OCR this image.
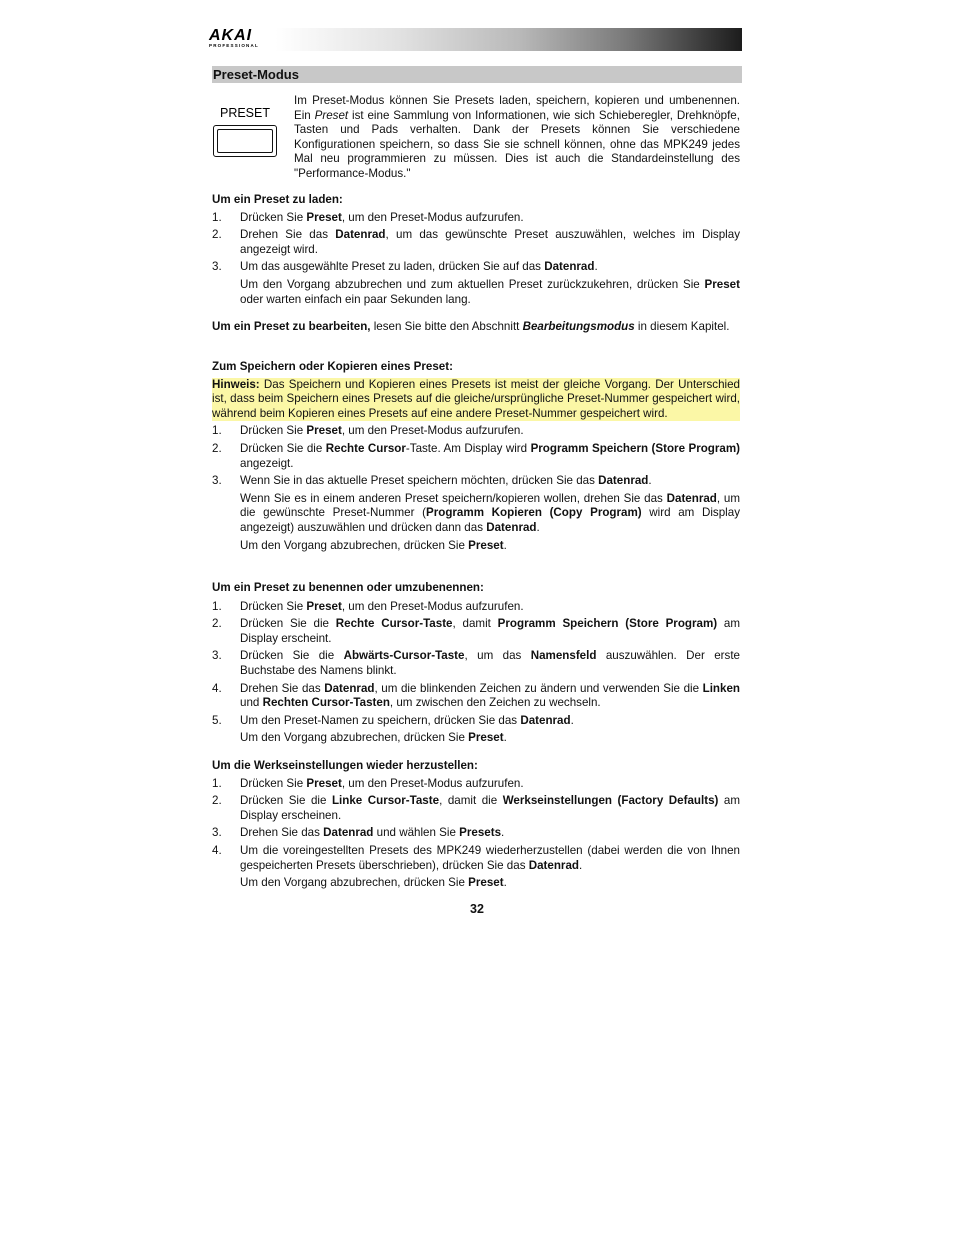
AKAI
PROFESSIONAL
Preset-Modus
PRESET

Im Preset-Modus können Sie Presets laden, speichern, kopieren und umbenennen. Ein Preset ist eine Sammlung von Informationen, wie sich Schieberegler, Drehknöpfe, Tasten und Pads verhalten. Dank der Presets können Sie verschiedene Konfigurationen speichern, so dass Sie sie schnell können, ohne das MPK249 jedes Mal neu programmieren zu müssen. Dies ist auch die Standardeinstellung des "Performance-Modus."

Um ein Preset zu laden:

1. Drücken Sie Preset, um den Preset-Modus aufzurufen.
2. Drehen Sie das Datenrad, um das gewünschte Preset auszuwählen, welches im Display angezeigt wird.
3. Um das ausgewählte Preset zu laden, drücken Sie auf das Datenrad.

Um den Vorgang abzubrechen und zum aktuellen Preset zurückzukehren, drücken Sie Preset oder warten einfach ein paar Sekunden lang.

Um ein Preset zu bearbeiten, lesen Sie bitte den Abschnitt Bearbeitungsmodus in diesem Kapitel.

Zum Speichern oder Kopieren eines Preset:

Hinweis: Das Speichern und Kopieren eines Presets ist meist der gleiche Vorgang. Der Unterschied ist, dass beim Speichern eines Presets auf die gleiche/ursprüngliche Preset-Nummer gespeichert wird, während beim Kopieren eines Presets auf eine andere Preset-Nummer gespeichert wird.

1. Drücken Sie Preset, um den Preset-Modus aufzurufen.
2. Drücken Sie die Rechte Cursor-Taste. Am Display wird Programm Speichern (Store Program) angezeigt.
3. Wenn Sie in das aktuelle Preset speichern möchten, drücken Sie das Datenrad.

Wenn Sie es in einem anderen Preset speichern/kopieren wollen, drehen Sie das Datenrad, um die gewünschte Preset-Nummer (Programm Kopieren (Copy Program) wird am Display angezeigt) auszuwählen und drücken dann das Datenrad.

Um den Vorgang abzubrechen, drücken Sie Preset.

Um ein Preset zu benennen oder umzubenennen:

1. Drücken Sie Preset, um den Preset-Modus aufzurufen.
2. Drücken Sie die Rechte Cursor-Taste, damit Programm Speichern (Store Program) am Display erscheint.
3. Drücken Sie die Abwärts-Cursor-Taste, um das Namensfeld auszuwählen. Der erste Buchstabe des Namens blinkt.
4. Drehen Sie das Datenrad, um die blinkenden Zeichen zu ändern und verwenden Sie die Linken und Rechten Cursor-Tasten, um zwischen den Zeichen zu wechseln.
5. Um den Preset-Namen zu speichern, drücken Sie das Datenrad.

Um den Vorgang abzubrechen, drücken Sie Preset.

Um die Werkseinstellungen wieder herzustellen:

1. Drücken Sie Preset, um den Preset-Modus aufzurufen.
2. Drücken Sie die Linke Cursor-Taste, damit die Werkseinstellungen (Factory Defaults) am Display erscheinen.
3. Drehen Sie das Datenrad und wählen Sie Presets.
4. Um die voreingestellten Presets des MPK249 wiederherzustellen (dabei werden die von Ihnen gespeicherten Presets überschrieben), drücken Sie das Datenrad.

Um den Vorgang abzubrechen, drücken Sie Preset.

32
